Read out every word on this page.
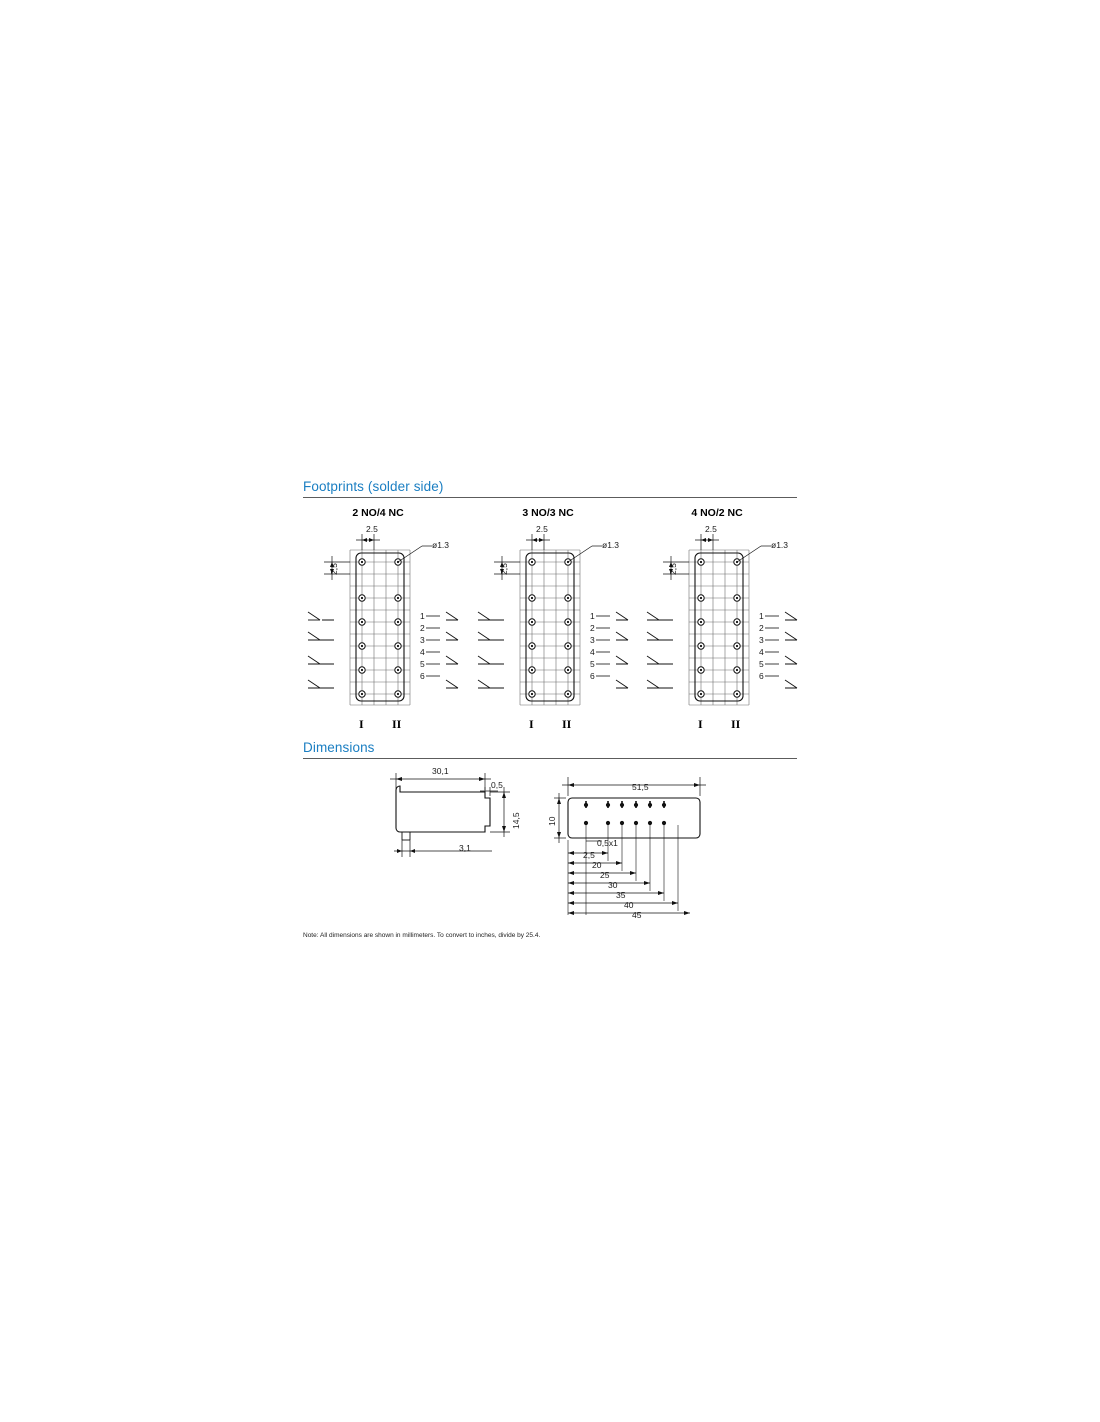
Footprints (solder side)
2 NO/4 NC
2.5
2,5
ø1.3
1
2
3
4
5
6
I II
3 NO/3 NC
2.5
2,5
ø1.3
1
2
3
4
5
6
I II
4 NO/2 NC
2.5
2,5
ø1.3
1
2
3
4
5
6
I II
Dimensions
30,1
0,5
14,5
3,1
51,5
10
0,5x1
2,5
20
25
30
35
40
45
Note: All dimensions are shown in millimeters. To convert to inches, divide by 25.4.
